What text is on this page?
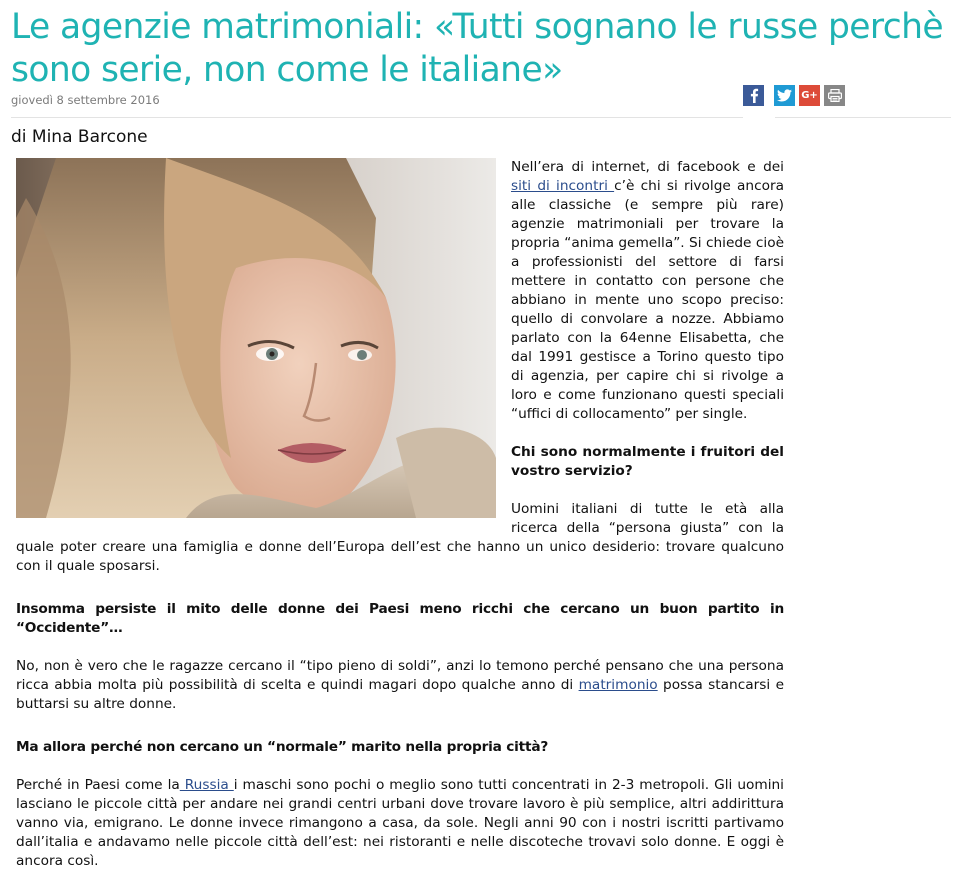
Le agenzie matrimoniali: «Tutti sognano le russe perchè sono serie, non come le italiane»
giovedì 8 settembre 2016	G+
di Mina Barcone

Nell’era di internet, di facebook e dei siti di incontri c’è chi si rivolge ancora alle classiche (e sempre più rare) agenzie matrimoniali per trovare la propria “anima gemella”. Si chiede cioè a professionisti del settore di farsi mettere in contatto con persone che abbiano in mente uno scopo preciso: quello di convolare a nozze. Abbiamo parlato con la 64enne Elisabetta, che dal 1991 gestisce a Torino questo tipo di agenzia, per capire chi si rivolge a loro e come funzionano questi speciali “uffici di collocamento” per single.

Chi sono normalmente i fruitori del vostro servizio?

Uomini italiani di tutte le età alla ricerca della “persona giusta” con la quale poter creare una famiglia e donne dell’Europa dell’est che hanno un unico desiderio: trovare qualcuno con il quale sposarsi.

Insomma persiste il mito delle donne dei Paesi meno ricchi che cercano un buon partito in “Occidente”…

No, non è vero che le ragazze cercano il “tipo pieno di soldi”, anzi lo temono perché pensano che una persona ricca abbia molta più possibilità di scelta e quindi magari dopo qualche anno di matrimonio possa stancarsi e buttarsi su altre donne.

Ma allora perché non cercano un “normale” marito nella propria città?

Perché in Paesi come la Russia i maschi sono pochi o meglio sono tutti concentrati in 2-3 metropoli. Gli uomini lasciano le piccole città per andare nei grandi centri urbani dove trovare lavoro è più semplice, altri addirittura vanno via, emigrano. Le donne invece rimangono a casa, da sole. Negli anni 90 con i nostri iscritti partivamo dall’italia e andavamo nelle piccole città dell’est: nei ristoranti e nelle discoteche trovavi solo donne. E oggi è ancora così.
